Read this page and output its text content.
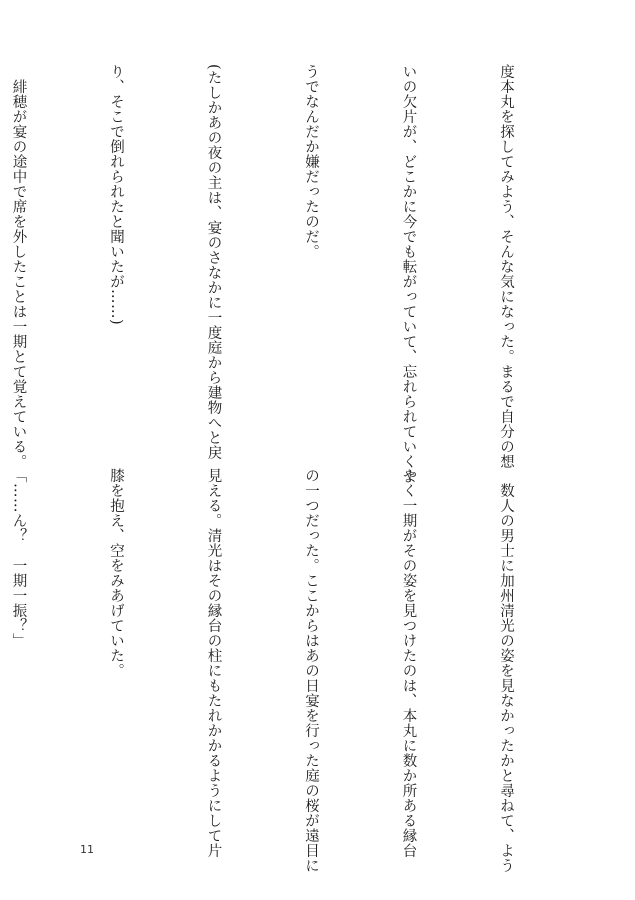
度本丸を探してみよう、そんな気になった。まるで自分の想

いの欠片が、どこかに今でも転がっていて、忘れられていくよ

うでなんだか嫌だったのだ。

(たしかあの夜の主は、宴のさなかに一度庭から建物へと戻

り、そこで倒れられたと聞いたが……)

　緋穂が宴の途中で席を外したことは一期とて覚えている。

　数人の男士に加州清光の姿を見なかったかと尋ねて、よう

やく一期がその姿を見つけたのは、本丸に数か所ある縁台

の一つだった。ここからはあの日宴を行った庭の桜が遠目に

見える。清光はその縁台の柱にもたれかかるようにして片

膝を抱え、空をみあげていた。

「……ん？　一期一振？」

11
